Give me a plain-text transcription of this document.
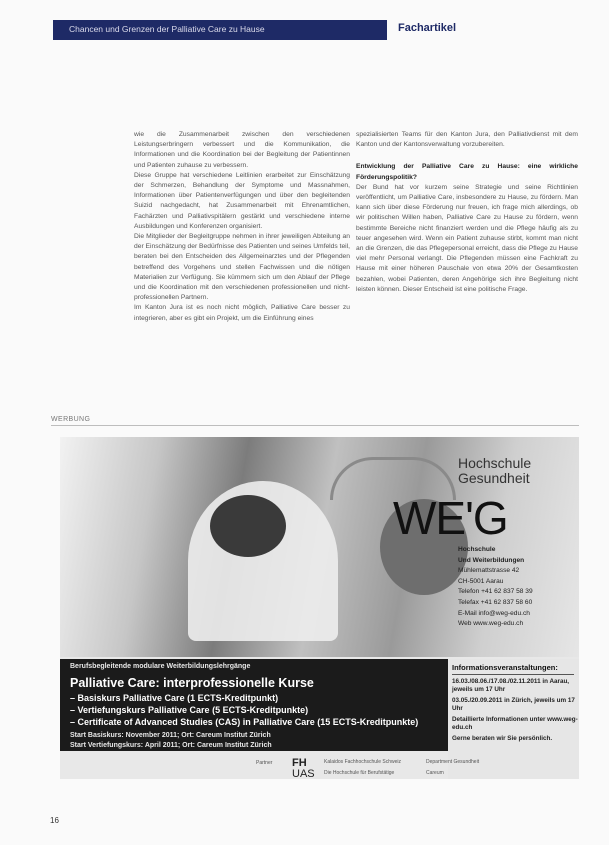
Chancen und Grenzen der Palliative Care zu Hause	Fachartikel

wie die Zusammenarbeit zwischen den verschiedenen Leistungserbringern verbessert und die Kommunikation, die Informationen und die Koordination bei der Begleitung der Patientinnen und Patienten zuhause zu verbessern.

Diese Gruppe hat verschiedene Leitlinien erarbeitet zur Einschätzung der Schmerzen, Behandlung der Symptome und Massnahmen, Informationen über Patientenverfügungen und über den begleitenden Suizid nachgedacht, hat Zusammenarbeit mit Ehrenamtlichen, Fachärzten und Palliativspitälern gestärkt und verschiedene interne Ausbildungen und Konferenzen organisiert.

Die Mitglieder der Begleitgruppe nehmen in ihrer jeweiligen Abteilung an der Einschätzung der Bedürfnisse des Patienten und seines Umfelds teil, beraten bei den Entscheiden des Allgemeinarztes und der Pflegenden betreffend des Vorgehens und stellen Fachwissen und die nötigen Materialien zur Verfügung. Sie kümmern sich um den Ablauf der Pflege und die Koordination mit den verschiedenen professionellen und nicht-professionellen Partnern.

Im Kanton Jura ist es noch nicht möglich, Palliative Care besser zu integrieren, aber es gibt ein Projekt, um die Einführung eines

spezialisierten Teams für den Kanton Jura, den Palliativdienst mit dem Kanton und der Kantonsverwaltung vorzubereiten.

Entwicklung der Palliative Care zu Hause: eine wirkliche Förderungspolitik?

Der Bund hat vor kurzem seine Strategie und seine Richtlinien veröffentlicht, um Palliative Care, insbesondere zu Hause, zu fördern. Man kann sich über diese Förderung nur freuen, ich frage mich allerdings, ob wir politischen Willen haben, Palliative Care zu Hause zu fördern, wenn bestimmte Bereiche nicht finanziert werden und die Pflege häufig als zu teuer angesehen wird. Wenn ein Patient zuhause stirbt, kommt man nicht an die Grenzen, die das Pflegepersonal erreicht, dass die Pflege zu Hause viel mehr Personal verlangt. Die Pflegenden müssen eine Fachkraft zu Hause mit einer höheren Pauschale von etwa 20% der Gesamtkosten bezahlen, wobei Patienten, deren Angehörige sich ihre Begleitung nicht leisten können. Dieser Entscheid ist eine politische Frage.

WERBUNG
Hochschule
Gesundheit
WE'G
Hochschule
Und Weiterbildungen
Mühlemattstrasse 42
CH-5001 Aarau
Telefon +41 62 837 58 39
Telefax +41 62 837 58 60
E-Mail info@weg-edu.ch
Web www.weg-edu.ch
Berufsbegleitende modulare Weiterbildungslehrgänge
Palliative Care: interprofessionelle Kurse
– Basiskurs Palliative Care (1 ECTS-Kreditpunkt)
– Vertiefungskurs Palliative Care (5 ECTS-Kreditpunkte)
– Certificate of Advanced Studies (CAS) in Palliative Care (15 ECTS-Kreditpunkte)
Start Basiskurs: November 2011; Ort: Careum Institut Zürich
Start Vertiefungskurs: April 2011; Ort: Careum Institut Zürich
Informationsveranstaltungen:
16.03./08.06./17.08./02.11.2011 in Aarau, jeweils um 17 Uhr
03.05./20.09.2011 in Zürich, jeweils um 17 Uhr
Detaillierte Informationen unter www.weg-edu.ch
Gerne beraten wir Sie persönlich.
Partner FH
UAS
Kalaidos Fachhochschule Schweiz
Die Hochschule für Berufstätige
Department Gesundheit
Careum
16
